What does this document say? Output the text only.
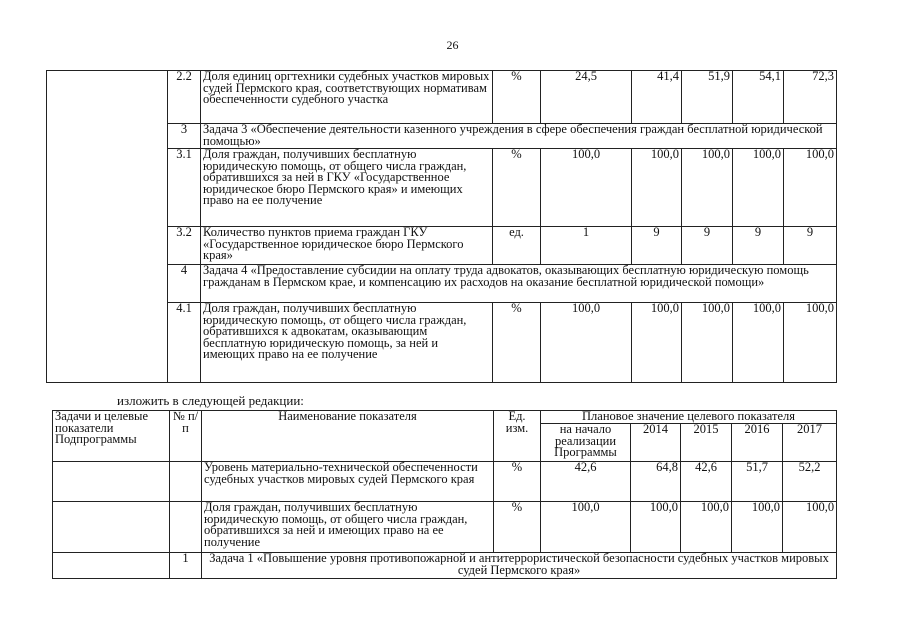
26
	2.2	Доля единиц оргтехники судебных участков мировых судей Пермского края, соответствующих нормативам обеспеченности судебного участка	%	24,5	41,4	51,9	54,1	72,3
	3	Задача 3 «Обеспечение деятельности казенного учреждения в сфере обеспечения граждан бесплатной юридической помощью»						
	3.1	Доля граждан, получивших бесплатную юридическую помощь, от общего числа граждан, обратившихся за ней в ГКУ «Государственное юридическое бюро Пермского края» и имеющих право на ее получение	%	100,0	100,0	100,0	100,0	100,0
	3.2	Количество пунктов приема граждан ГКУ «Государственное юридическое бюро Пермского края»	ед.	1	9	9	9	9
	4	Задача 4 «Предоставление субсидии на оплату труда адвокатов, оказывающих бесплатную юридическую помощь гражданам в Пермском крае, и компенсацию их расходов на оказание бесплатной юридической помощи»						
	4.1	Доля граждан, получивших бесплатную юридическую помощь, от общего числа граждан, обратившихся к адвокатам, оказывающим бесплатную юридическую помощь, за ней и имеющих право на ее получение	%	100,0	100,0	100,0	100,0	100,0
изложить в следующей редакции:
Задачи и целевые показатели Подпрограммы	№ п/п	Наименование показателя	Ед. изм.	Плановое значение целевого показателя				
				на начало реализации Программы	2014	2015	2016	2017
		Уровень материально-технической обеспеченности судебных участков мировых судей Пермского края	%	42,6	64,8	42,6	51,7	52,2
		Доля граждан, получивших бесплатную юридическую помощь, от общего числа граждан, обратившихся за ней и имеющих право на ее получение	%	100,0	100,0	100,0	100,0	100,0
	1	Задача 1 «Повышение уровня противопожарной и антитеррористической безопасности судебных участков мировых судей Пермского края»						
